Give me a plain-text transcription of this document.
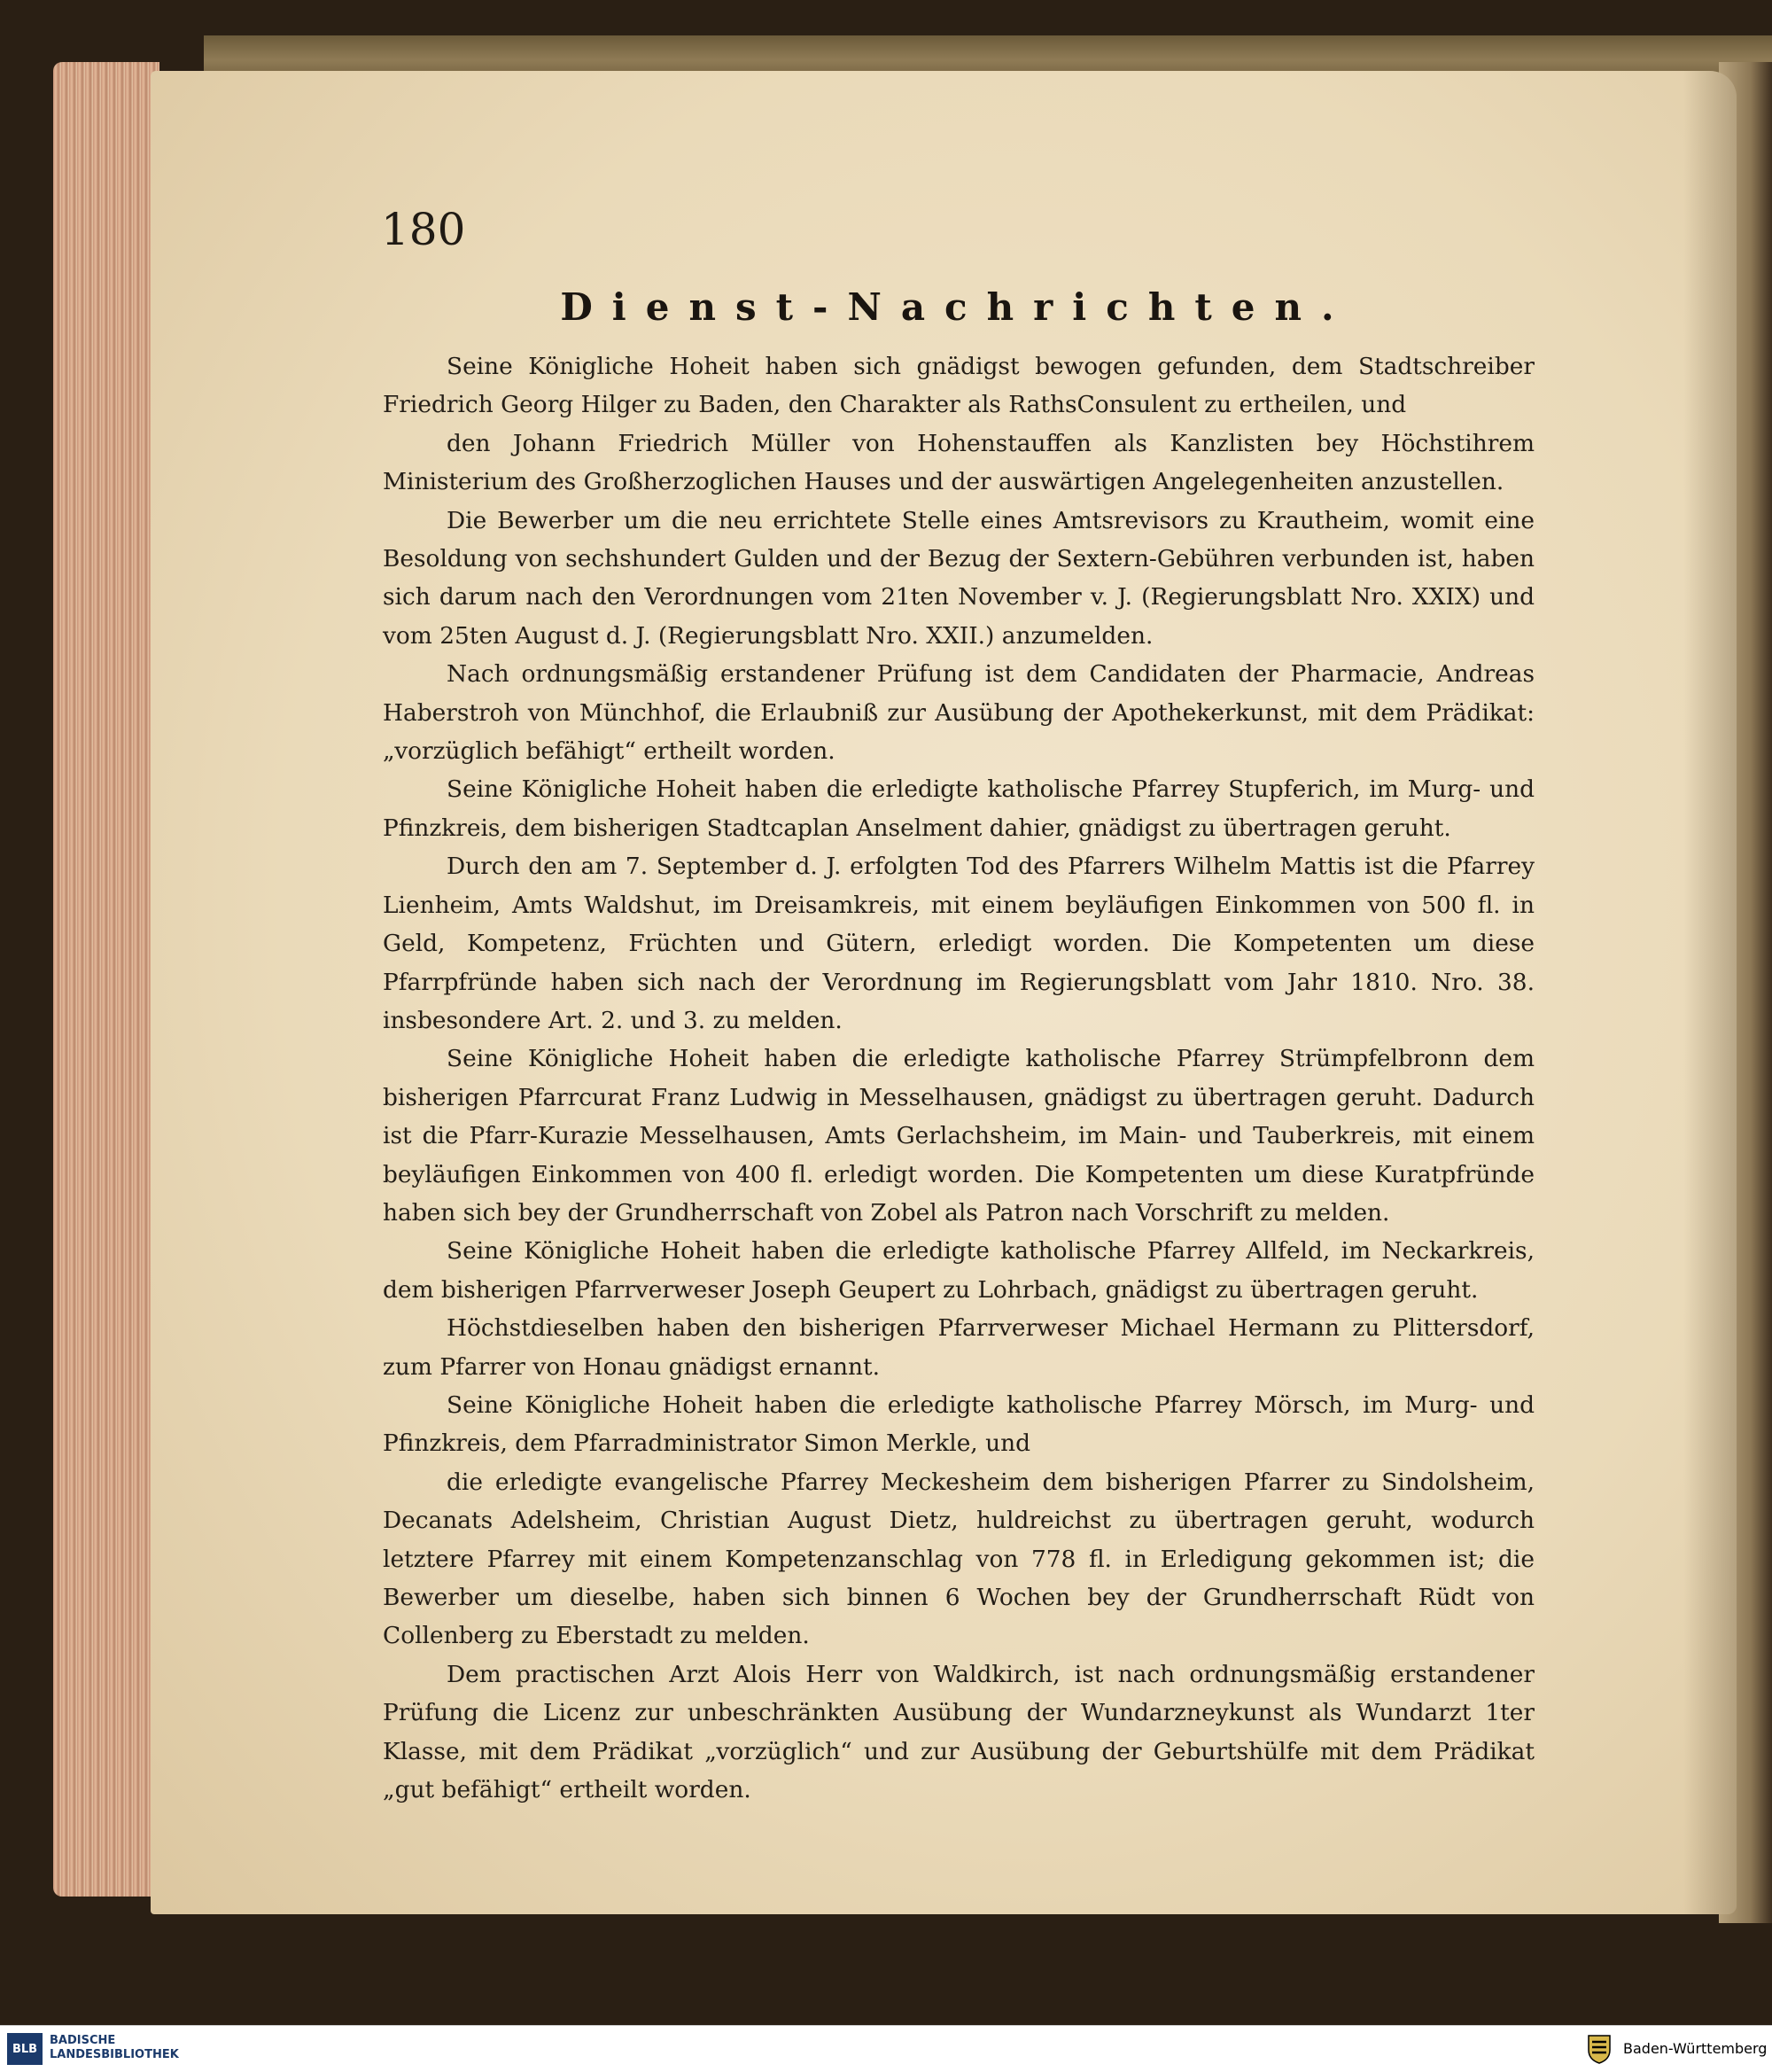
180

Dienst-Nachrichten.

Seine Königliche Hoheit haben sich gnädigst bewogen gefunden, dem Stadtschreiber Friedrich Georg Hilger zu Baden, den Charakter als RathsConsulent zu ertheilen, und

den Johann Friedrich Müller von Hohenstauffen als Kanzlisten bey Höchstihrem Ministerium des Großherzoglichen Hauses und der auswärtigen Angelegenheiten anzustellen.

Die Bewerber um die neu errichtete Stelle eines Amtsrevisors zu Krautheim, womit eine Besoldung von sechshundert Gulden und der Bezug der Sextern-Gebühren verbunden ist, haben sich darum nach den Verordnungen vom 21ten November v. J. (Regierungsblatt Nro. XXIX) und vom 25ten August d. J. (Regierungsblatt Nro. XXII.) anzumelden.

Nach ordnungsmäßig erstandener Prüfung ist dem Candidaten der Pharmacie, Andreas Haberstroh von Münchhof, die Erlaubniß zur Ausübung der Apothekerkunst, mit dem Prädikat: „vorzüglich befähigt“ ertheilt worden.

Seine Königliche Hoheit haben die erledigte katholische Pfarrey Stupferich, im Murg- und Pfinzkreis, dem bisherigen Stadtcaplan Anselment dahier, gnädigst zu übertragen geruht.

Durch den am 7. September d. J. erfolgten Tod des Pfarrers Wilhelm Mattis ist die Pfarrey Lienheim, Amts Waldshut, im Dreisamkreis, mit einem beyläufigen Einkommen von 500 fl. in Geld, Kompetenz, Früchten und Gütern, erledigt worden. Die Kompetenten um diese Pfarrpfründe haben sich nach der Verordnung im Regierungsblatt vom Jahr 1810. Nro. 38. insbesondere Art. 2. und 3. zu melden.

Seine Königliche Hoheit haben die erledigte katholische Pfarrey Strümpfelbronn dem bisherigen Pfarrcurat Franz Ludwig in Messelhausen, gnädigst zu übertragen geruht. Dadurch ist die Pfarr-Kurazie Messelhausen, Amts Gerlachsheim, im Main- und Tauberkreis, mit einem beyläufigen Einkommen von 400 fl. erledigt worden. Die Kompetenten um diese Kuratpfründe haben sich bey der Grundherrschaft von Zobel als Patron nach Vorschrift zu melden.

Seine Königliche Hoheit haben die erledigte katholische Pfarrey Allfeld, im Neckarkreis, dem bisherigen Pfarrverweser Joseph Geupert zu Lohrbach, gnädigst zu übertragen geruht.

Höchstdieselben haben den bisherigen Pfarrverweser Michael Hermann zu Plittersdorf, zum Pfarrer von Honau gnädigst ernannt.

Seine Königliche Hoheit haben die erledigte katholische Pfarrey Mörsch, im Murg- und Pfinzkreis, dem Pfarradministrator Simon Merkle, und

die erledigte evangelische Pfarrey Meckesheim dem bisherigen Pfarrer zu Sindolsheim, Decanats Adelsheim, Christian August Dietz, huldreichst zu übertragen geruht, wodurch letztere Pfarrey mit einem Kompetenzanschlag von 778 fl. in Erledigung gekommen ist; die Bewerber um dieselbe, haben sich binnen 6 Wochen bey der Grundherrschaft Rüdt von Collenberg zu Eberstadt zu melden.

Dem practischen Arzt Alois Herr von Waldkirch, ist nach ordnungsmäßig erstandener Prüfung die Licenz zur unbeschränkten Ausübung der Wundarzneykunst als Wundarzt 1ter Klasse, mit dem Prädikat „vorzüglich“ und zur Ausübung der Geburtshülfe mit dem Prädikat „gut befähigt“ ertheilt worden.

BLB

BADISCHE
LANDESBIBLIOTHEK	Baden-Württemberg
